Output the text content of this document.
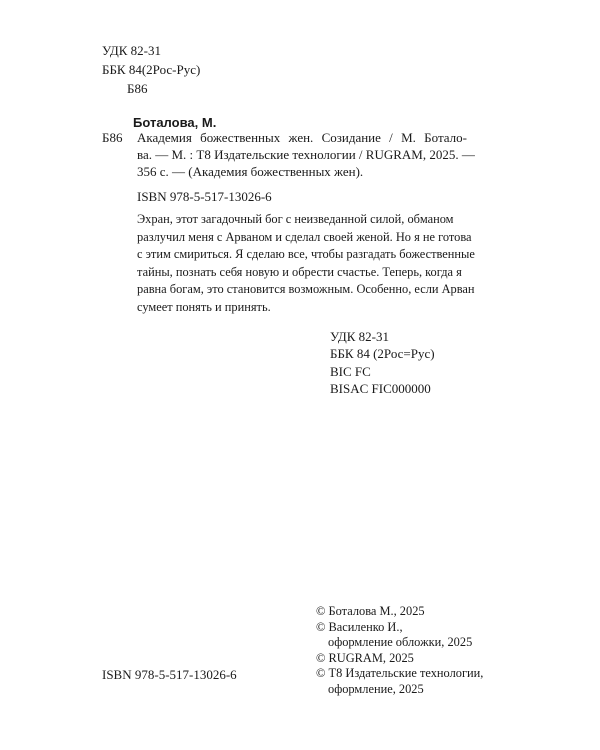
УДК 82-31
ББК 84(2Рос-Рус)
Б86
Боталова, М.
Б86 Академия божественных жен. Созидание / М. Ботало-
ва. — М. : Т8 Издательские технологии / RUGRAM, 2025. —
356 с. — (Академия божественных жен).
ISBN 978-5-517-13026-6
Эхран, этот загадочный бог с неизведанной силой, обманом
разлучил меня с Арваном и сделал своей женой. Но я не готова
с этим смириться. Я сделаю все, чтобы разгадать божественные
тайны, познать себя новую и обрести счастье. Теперь, когда я
равна богам, это становится возможным. Особенно, если Арван
сумеет понять и принять.
УДК 82-31
ББК 84 (2Рос=Рус)
BIC FC
BISAC FIC000000
© Боталова М., 2025
© Василенко И.,
оформление обложки, 2025
© RUGRAM, 2025
© Т8 Издательские технологии,
оформление, 2025
ISBN 978-5-517-13026-6
